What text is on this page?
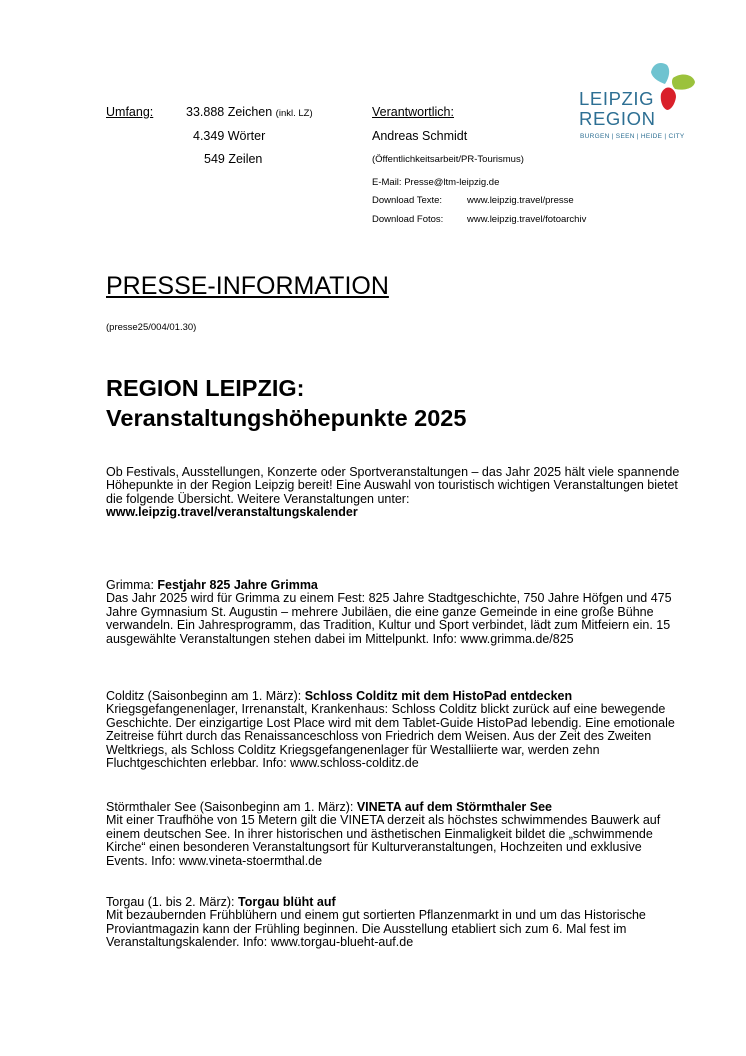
LEIPZIG
REGION
BURGEN | SEEN | HEIDE | CITY
Umfang:	33.888 Zeichen (inkl. LZ)
4.349 Wörter
549 Zeilen
Verantwortlich:
Andreas Schmidt
(Öffentlichkeitsarbeit/PR-Tourismus)
E-Mail: Presse@ltm-leipzig.de
Download Texte:	www.leipzig.travel/presse
Download Fotos: www.leipzig.travel/fotoarchiv
PRESSE-INFORMATION
(presse25/004/01.30)
REGION LEIPZIG:
Veranstaltungshöhepunkte 2025
Ob Festivals, Ausstellungen, Konzerte oder Sportveranstaltungen – das Jahr 2025 hält viele spannende Höhepunkte in der Region Leipzig bereit! Eine Auswahl von touristisch wichtigen Veranstaltungen bietet die folgende Übersicht. Weitere Veranstaltungen unter:
www.leipzig.travel/veranstaltungskalender
Grimma: Festjahr 825 Jahre Grimma
Das Jahr 2025 wird für Grimma zu einem Fest: 825 Jahre Stadtgeschichte, 750 Jahre Höfgen und 475 Jahre Gymnasium St. Augustin – mehrere Jubiläen, die eine ganze Gemeinde in eine große Bühne verwandeln. Ein Jahresprogramm, das Tradition, Kultur und Sport verbindet, lädt zum Mitfeiern ein. 15 ausgewählte Veranstaltungen stehen dabei im Mittelpunkt. Info: www.grimma.de/825
Colditz (Saisonbeginn am 1. März): Schloss Colditz mit dem HistoPad entdecken
Kriegsgefangenenlager, Irrenanstalt, Krankenhaus: Schloss Colditz blickt zurück auf eine bewegende Geschichte. Der einzigartige Lost Place wird mit dem Tablet-Guide HistoPad lebendig. Eine emotionale Zeitreise führt durch das Renaissanceschloss von Friedrich dem Weisen. Aus der Zeit des Zweiten Weltkriegs, als Schloss Colditz Kriegsgefangenenlager für Westalliierte war, werden zehn Fluchtgeschichten erlebbar. Info: www.schloss-colditz.de
Störmthaler See (Saisonbeginn am 1. März): VINETA auf dem Störmthaler See
Mit einer Traufhöhe von 15 Metern gilt die VINETA derzeit als höchstes schwimmendes Bauwerk auf einem deutschen See. In ihrer historischen und ästhetischen Einmaligkeit bildet die „schwimmende Kirche“ einen besonderen Veranstaltungsort für Kulturveranstaltungen, Hochzeiten und exklusive Events. Info: www.vineta-stoermthal.de
Torgau (1. bis 2. März): Torgau blüht auf
Mit bezaubernden Frühblühern und einem gut sortierten Pflanzenmarkt in und um das Historische Proviantmagazin kann der Frühling beginnen. Die Ausstellung etabliert sich zum 6. Mal fest im Veranstaltungskalender. Info: www.torgau-blueht-auf.de
